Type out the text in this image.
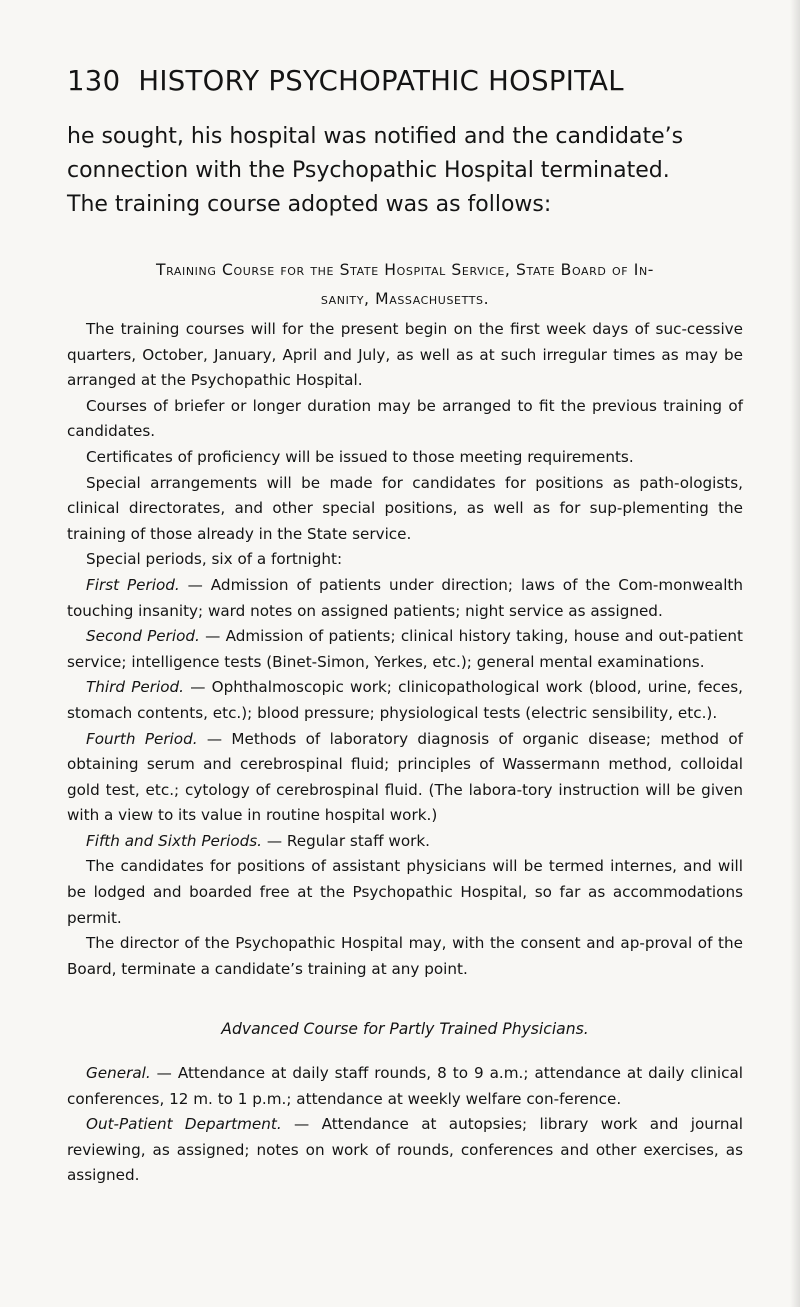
130 HISTORY PSYCHOPATHIC HOSPITAL

he sought, his hospital was notified and the candidate’s

connection with the Psychopathic Hospital terminated.

The training course adopted was as follows:

Training Course for the State Hospital Service, State Board of In-

sanity, Massachusetts.

The training courses will for the present begin on the first week days of suc-cessive quarters, October, January, April and July, as well as at such irregular times as may be arranged at the Psychopathic Hospital.

Courses of briefer or longer duration may be arranged to fit the previous training of candidates.

Certificates of proficiency will be issued to those meeting requirements.

Special arrangements will be made for candidates for positions as path-ologists, clinical directorates, and other special positions, as well as for sup-plementing the training of those already in the State service.

Special periods, six of a fortnight:

First Period. — Admission of patients under direction; laws of the Com-monwealth touching insanity; ward notes on assigned patients; night service as assigned.

Second Period. — Admission of patients; clinical history taking, house and out-patient service; intelligence tests (Binet-Simon, Yerkes, etc.); general mental examinations.

Third Period. — Ophthalmoscopic work; clinicopathological work (blood, urine, feces, stomach contents, etc.); blood pressure; physiological tests (electric sensibility, etc.).

Fourth Period. — Methods of laboratory diagnosis of organic disease; method of obtaining serum and cerebrospinal fluid; principles of Wassermann method, colloidal gold test, etc.; cytology of cerebrospinal fluid. (The labora-tory instruction will be given with a view to its value in routine hospital work.)

Fifth and Sixth Periods. — Regular staff work.

The candidates for positions of assistant physicians will be termed internes, and will be lodged and boarded free at the Psychopathic Hospital, so far as accommodations permit.

The director of the Psychopathic Hospital may, with the consent and ap-proval of the Board, terminate a candidate’s training at any point.

Advanced Course for Partly Trained Physicians.

General. — Attendance at daily staff rounds, 8 to 9 a.m.; attendance at daily clinical conferences, 12 m. to 1 p.m.; attendance at weekly welfare con-ference.

Out-Patient Department. — Attendance at autopsies; library work and journal reviewing, as assigned; notes on work of rounds, conferences and other exercises, as assigned.
